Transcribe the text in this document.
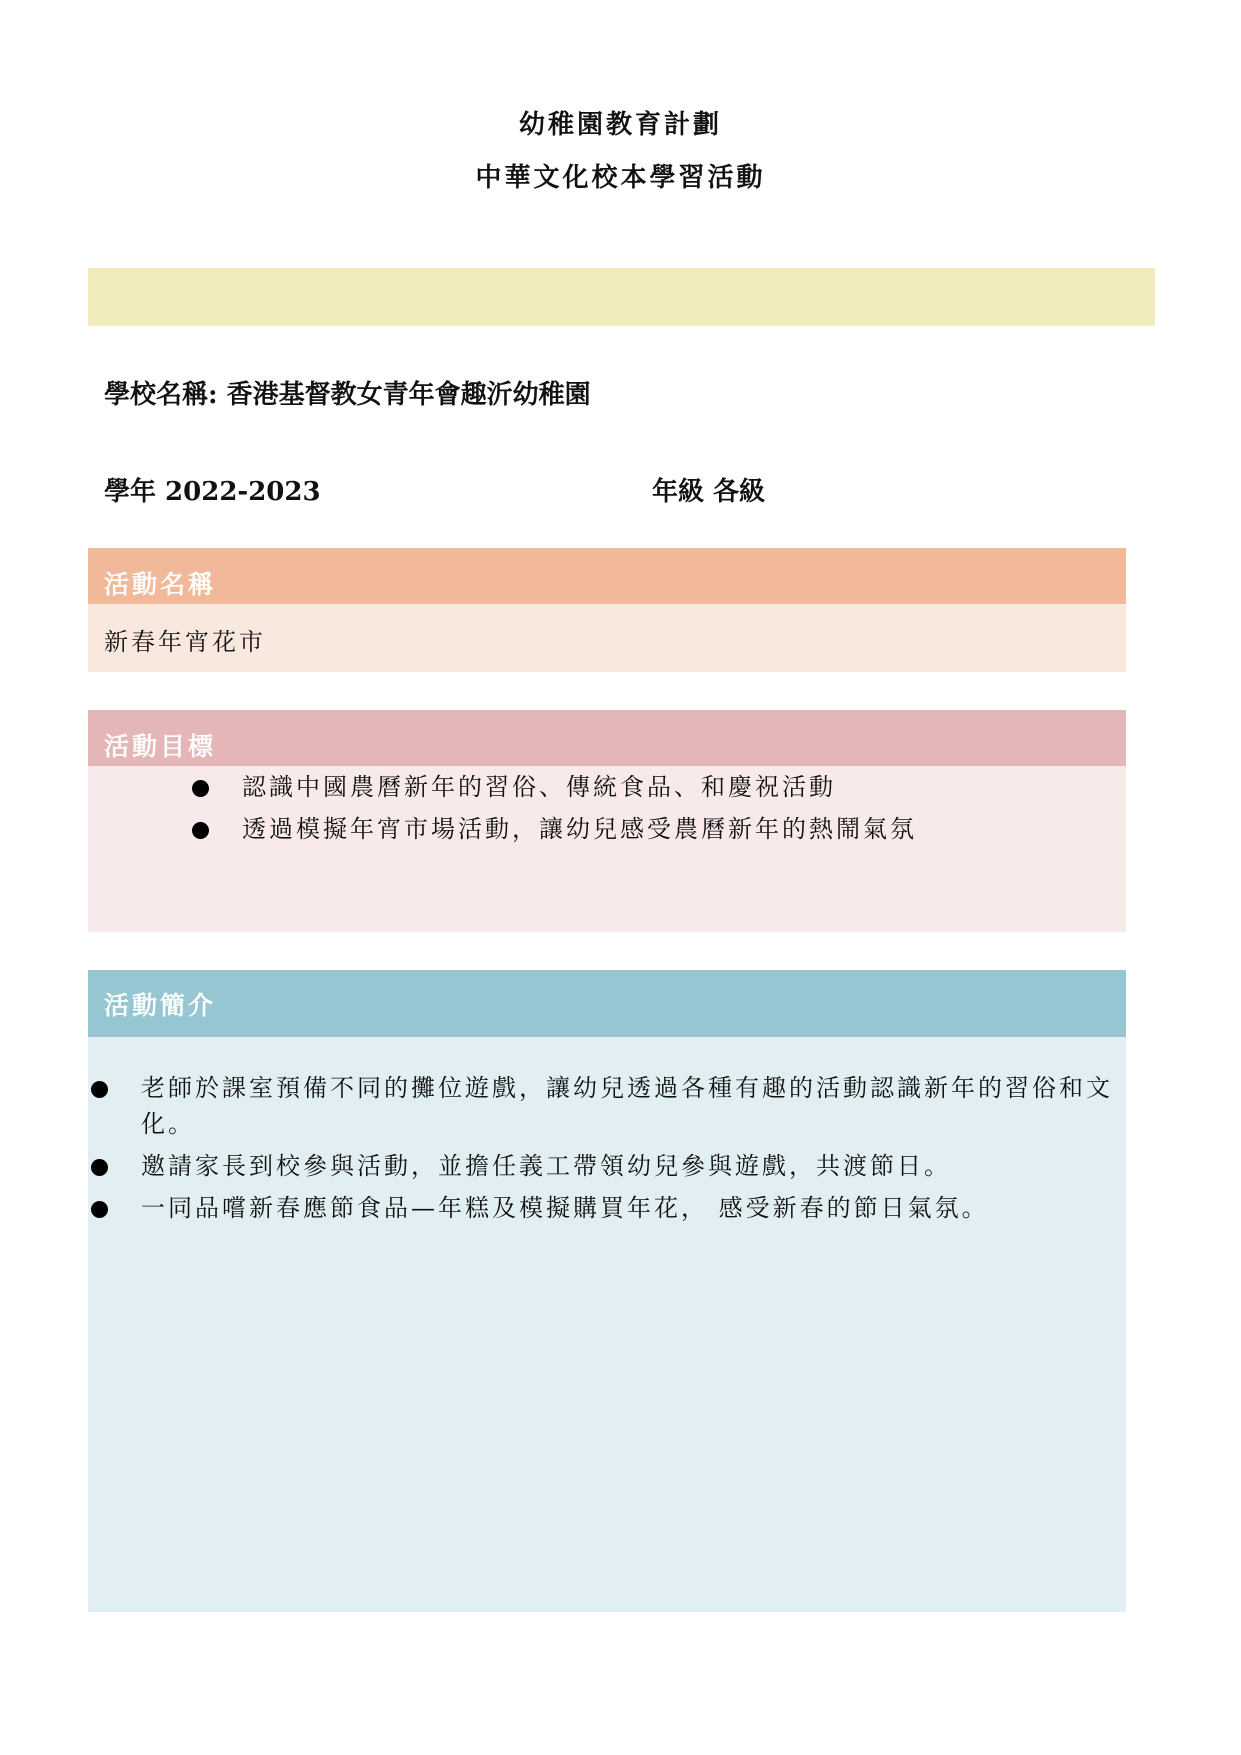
幼稚園教育計劃
中華文化校本學習活動
學校名稱: 香港基督教女青年會趣沂幼稚園
學年 2022-2023	年級 各級
活動名稱
新春年宵花市
活動目標
認識中國農曆新年的習俗、傳統食品、和慶祝活動
透過模擬年宵市場活動，讓幼兒感受農曆新年的熱鬧氣氛
活動簡介
老師於課室預備不同的攤位遊戲，讓幼兒透過各種有趣的活動認識新年的習俗和文化。
邀請家長到校參與活動，並擔任義工帶領幼兒參與遊戲，共渡節日。
一同品嚐新春應節食品—年糕及模擬購買年花， 感受新春的節日氣氛。
